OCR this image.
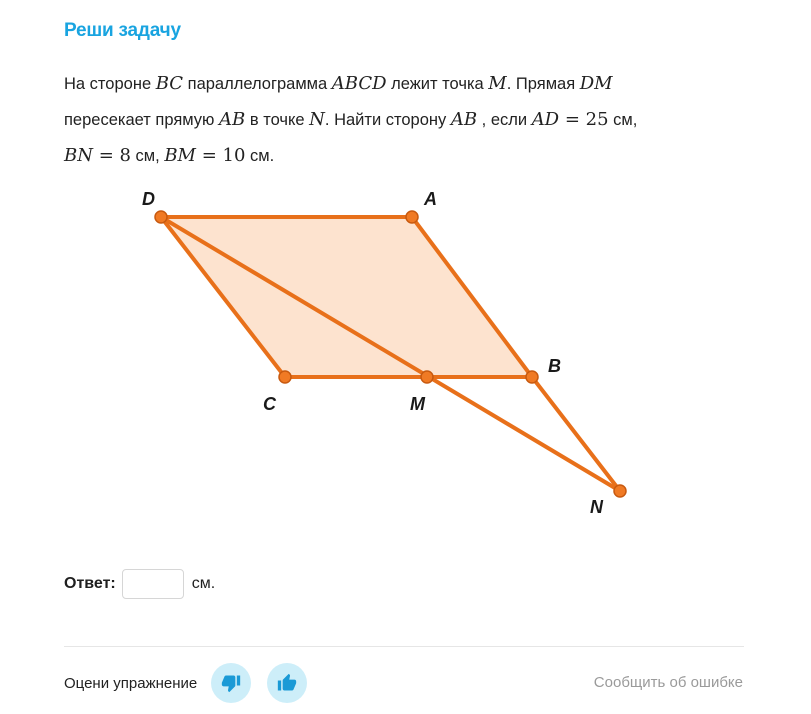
Реши задачу
На стороне BC параллелограмма ABCD лежит точка M. Прямая DM
пересекает прямую AB в точке N. Найти сторону AB , если AD = 25 см,
BN = 8 см, BM = 10 см.
D	A
B
C	M
N
Ответ:	см.
Оцени упражнение	Сообщить об ошибке
